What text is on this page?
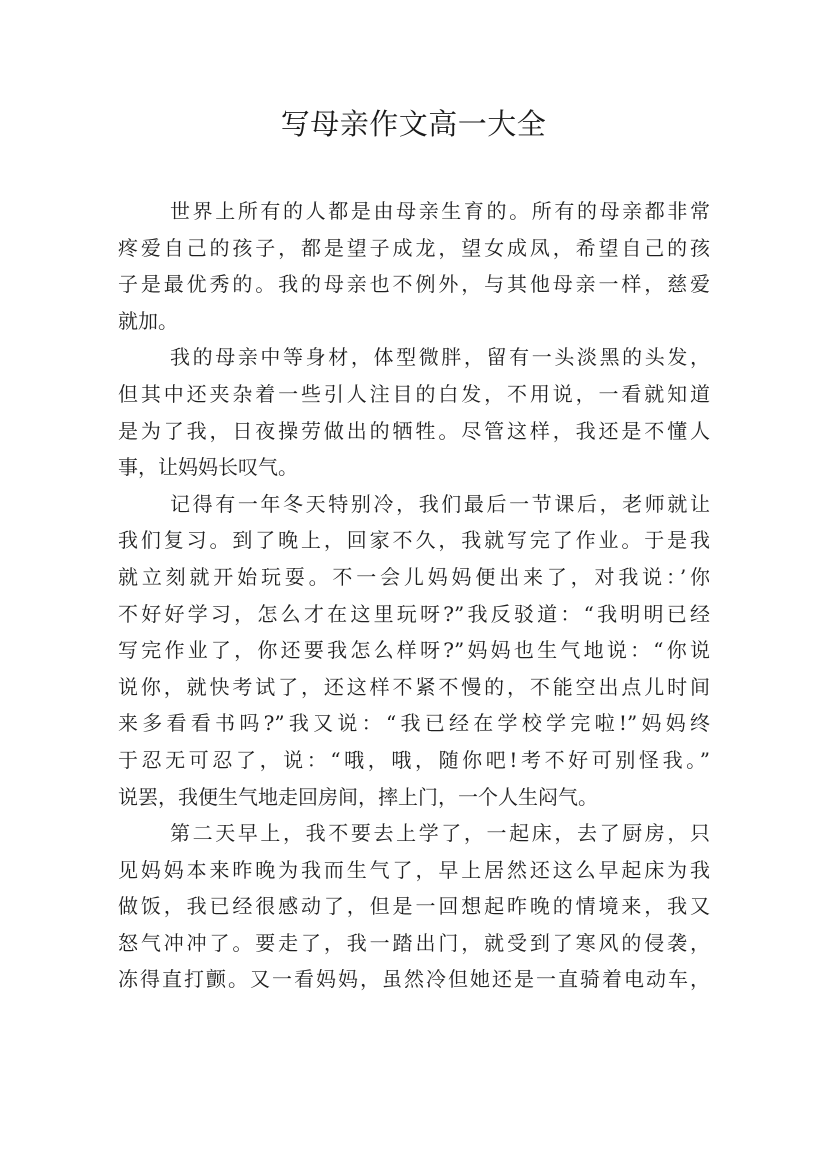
写母亲作文高一大全
世界上所有的人都是由母亲生育的。所有的母亲都非常
疼爱自己的孩子，都是望子成龙，望女成凤，希望自己的孩
子是最优秀的。我的母亲也不例外，与其他母亲一样，慈爱
就加。
我的母亲中等身材，体型微胖，留有一头淡黑的头发，
但其中还夹杂着一些引人注目的白发，不用说，一看就知道
是为了我，日夜操劳做出的牺牲。尽管这样，我还是不懂人
事，让妈妈长叹气。
记得有一年冬天特别冷，我们最后一节课后，老师就让
我们复习。到了晚上，回家不久，我就写完了作业。于是我
就立刻就开始玩耍。不一会儿妈妈便出来了，对我说：’你
不好好学习，怎么才在这里玩呀?”我反驳道：“我明明已经
写完作业了，你还要我怎么样呀?”妈妈也生气地说：“你说
说你，就快考试了，还这样不紧不慢的，不能空出点儿时间
来多看看书吗?”我又说：“我已经在学校学完啦!”妈妈终
于忍无可忍了，说：“哦，哦，随你吧!考不好可别怪我。”
说罢，我便生气地走回房间，摔上门，一个人生闷气。
第二天早上，我不要去上学了，一起床，去了厨房，只
见妈妈本来昨晚为我而生气了，早上居然还这么早起床为我
做饭，我已经很感动了，但是一回想起昨晚的情境来，我又
怒气冲冲了。要走了，我一踏出门，就受到了寒风的侵袭，
冻得直打颤。又一看妈妈，虽然冷但她还是一直骑着电动车，
